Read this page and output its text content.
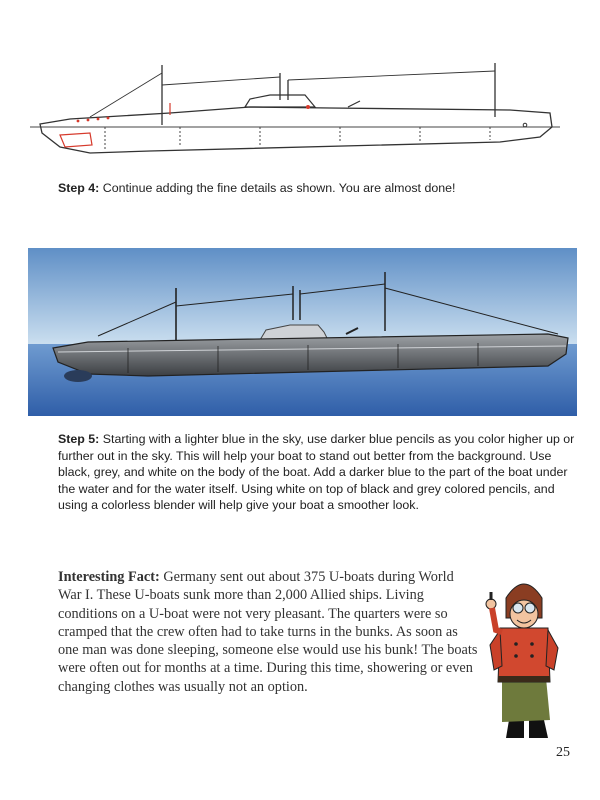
Step 4: Continue adding the fine details as shown. You are almost done!
Step 5: Starting with a lighter blue in the sky, use darker blue pencils as you color higher up or further out in the sky. This will help your boat to stand out better from the background. Use black, grey, and white on the body of the boat. Add a darker blue to the part of the boat under the water and for the water itself. Using white on top of black and grey colored pencils, and using a colorless blender will help give your boat a smoother look.
Interesting Fact: Germany sent out about 375 U-boats during World War I. These U-boats sunk more than 2,000 Allied ships. Living conditions on a U-boat were not very pleasant. The quarters were so cramped that the crew often had to take turns in the bunks. As soon as one man was done sleeping, someone else would use his bunk! The boats were often out for months at a time. During this time, showering or even changing clothes was usually not an option.
25
